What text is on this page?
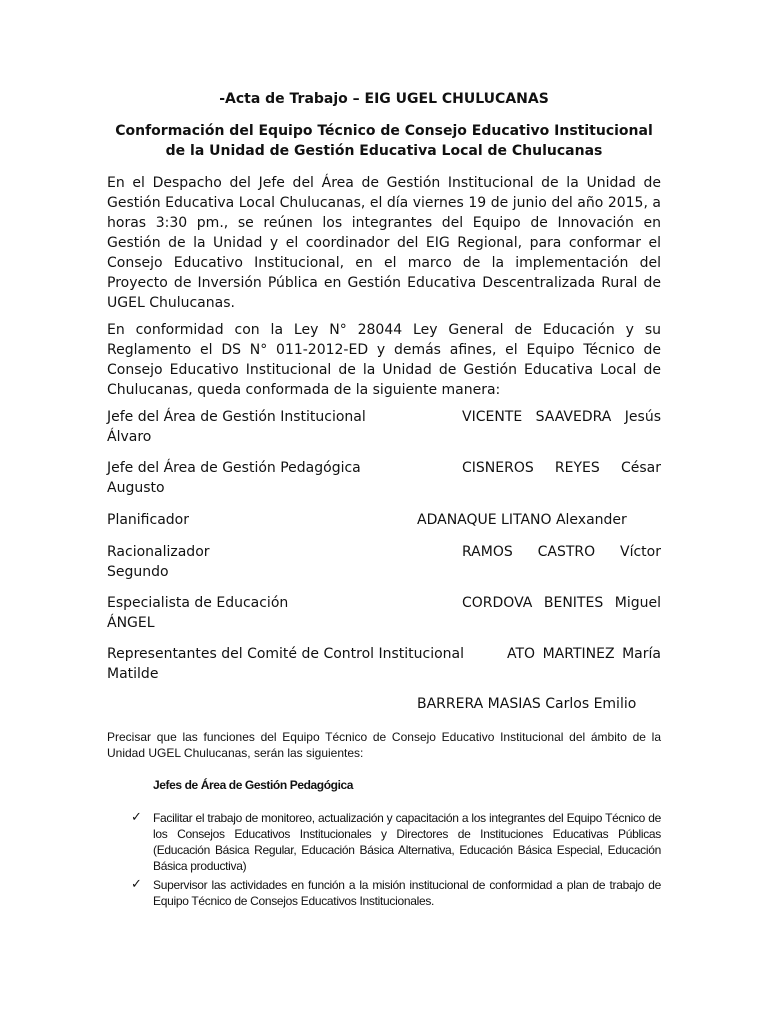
-Acta de Trabajo – EIG UGEL CHULUCANAS
Conformación del Equipo Técnico de Consejo Educativo Institucional de la Unidad de Gestión Educativa Local de Chulucanas

En el Despacho del Jefe del Área de Gestión Institucional de la Unidad de Gestión Educativa Local Chulucanas, el día viernes 19 de junio del año 2015, a horas 3:30 pm., se reúnen los integrantes del Equipo de Innovación en Gestión de la Unidad y el coordinador del EIG Regional, para conformar el Consejo Educativo Institucional, en el marco de la implementación del Proyecto de Inversión Pública en Gestión Educativa Descentralizada Rural de UGEL Chulucanas.

En conformidad con la Ley N° 28044 Ley General de Educación y su Reglamento el DS N° 011-2012-ED y demás afines, el Equipo Técnico de Consejo Educativo Institucional de la Unidad de Gestión Educativa Local de Chulucanas, queda conformada de la siguiente manera:

Jefe del Área de Gestión Institucional	VICENTE SAAVEDRA Jesús
Álvaro
Jefe del Área de Gestión Pedagógica	CISNEROS REYES César
Augusto
Planificador	ADANAQUE LITANO Alexander
Racionalizador	RAMOS CASTRO Víctor
Segundo
Especialista de Educación	CORDOVA BENITES Miguel
ÁNGEL
Representantes del Comité de Control Institucional	ATO MARTINEZ María
Matilde
BARRERA MASIAS Carlos Emilio
Precisar que las funciones del Equipo Técnico de Consejo Educativo Institucional del ámbito de la Unidad UGEL Chulucanas, serán las siguientes:
Jefes de Área de Gestión Pedagógica
✓ Facilitar el trabajo de monitoreo, actualización y capacitación a los integrantes del Equipo Técnico de los Consejos Educativos Institucionales y Directores de Instituciones Educativas Públicas (Educación Básica Regular, Educación Básica Alternativa, Educación Básica Especial, Educación Básica productiva)
✓ Supervisor las actividades en función a la misión institucional de conformidad a plan de trabajo de Equipo Técnico de Consejos Educativos Institucionales.
